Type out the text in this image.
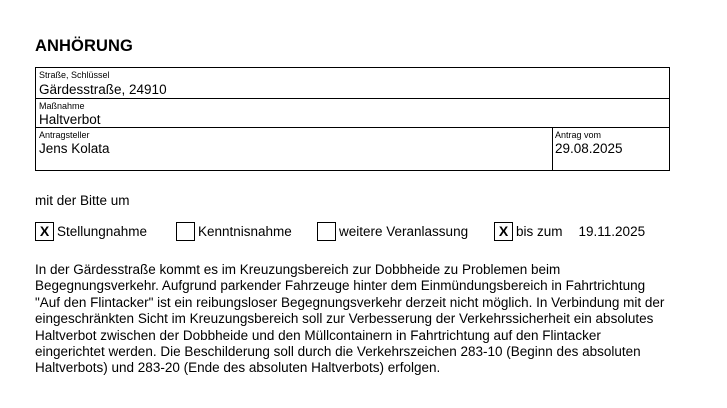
ANHÖRUNG
Straße, Schlüssel
Gärdesstraße, 24910
Maßnahme
Haltverbot
Antragsteller
Jens Kolata
Antrag vom
29.08.2025
mit der Bitte um
X Stellungnahme	Kenntnisnahme	weitere Veranlassung	X bis zum 19.11.2025

In der Gärdesstraße kommt es im Kreuzungsbereich zur Dobbheide zu Problemen beim Begegnungsverkehr. Aufgrund parkender Fahrzeuge hinter dem Einmündungsbereich in Fahrtrichtung "Auf den Flintacker" ist ein reibungsloser Begegnungsverkehr derzeit nicht möglich. In Verbindung mit der eingeschränkten Sicht im Kreuzungsbereich soll zur Verbesserung der Verkehrssicherheit ein absolutes Haltverbot zwischen der Dobbheide und den Müllcontainern in Fahrtrichtung auf den Flintacker eingerichtet werden. Die Beschilderung soll durch die Verkehrszeichen 283-10 (Beginn des absoluten Haltverbots) und 283-20 (Ende des absoluten Haltverbots) erfolgen.
